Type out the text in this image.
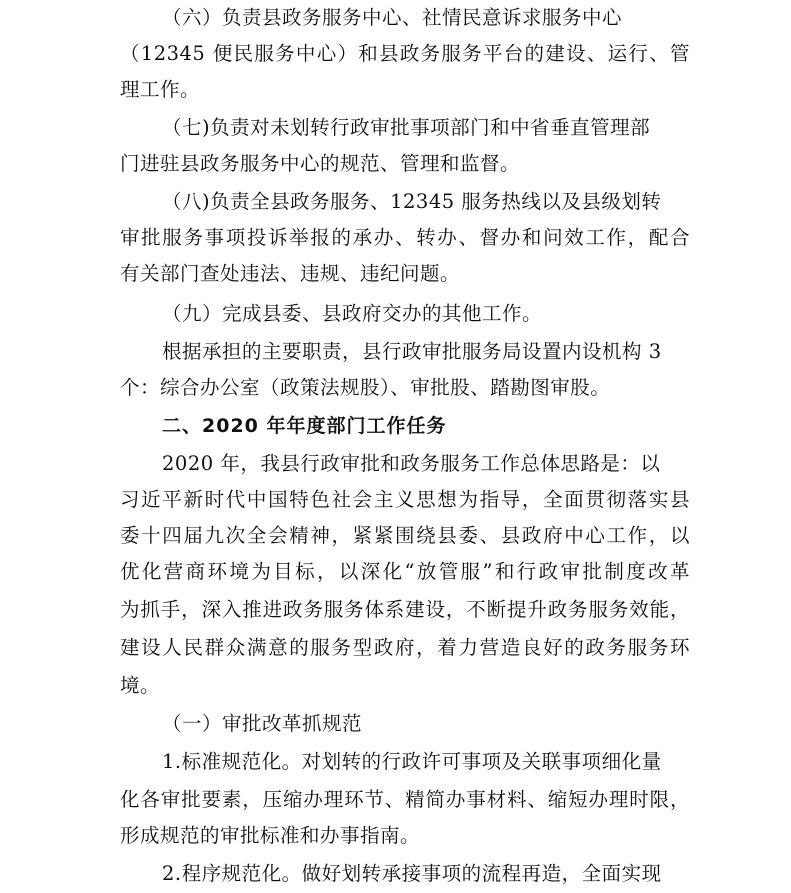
（六）负责县政务服务中心、社情民意诉求服务中心
（12345 便民服务中心）和县政务服务平台的建设、运行、管
理工作。
（七)负责对未划转行政审批事项部门和中省垂直管理部
门进驻县政务服务中心的规范、管理和监督。
（八)负责全县政务服务、12345 服务热线以及县级划转
审批服务事项投诉举报的承办、转办、督办和问效工作，配合
有关部门查处违法、违规、违纪问题。
（九）完成县委、县政府交办的其他工作。
根据承担的主要职责，县行政审批服务局设置内设机构 3
个：综合办公室（政策法规股）、审批股、踏勘图审股。
二、2020 年年度部门工作任务
2020 年，我县行政审批和政务服务工作总体思路是：以
习近平新时代中国特色社会主义思想为指导，全面贯彻落实县
委十四届九次全会精神，紧紧围绕县委、县政府中心工作，以
优化营商环境为目标，以深化“放管服”和行政审批制度改革
为抓手，深入推进政务服务体系建设，不断提升政务服务效能，
建设人民群众满意的服务型政府，着力营造良好的政务服务环
境。
（一）审批改革抓规范
1.标准规范化。对划转的行政许可事项及关联事项细化量
化各审批要素，压缩办理环节、精简办事材料、缩短办理时限，
形成规范的审批标准和办事指南。
2.程序规范化。做好划转承接事项的流程再造，全面实现
